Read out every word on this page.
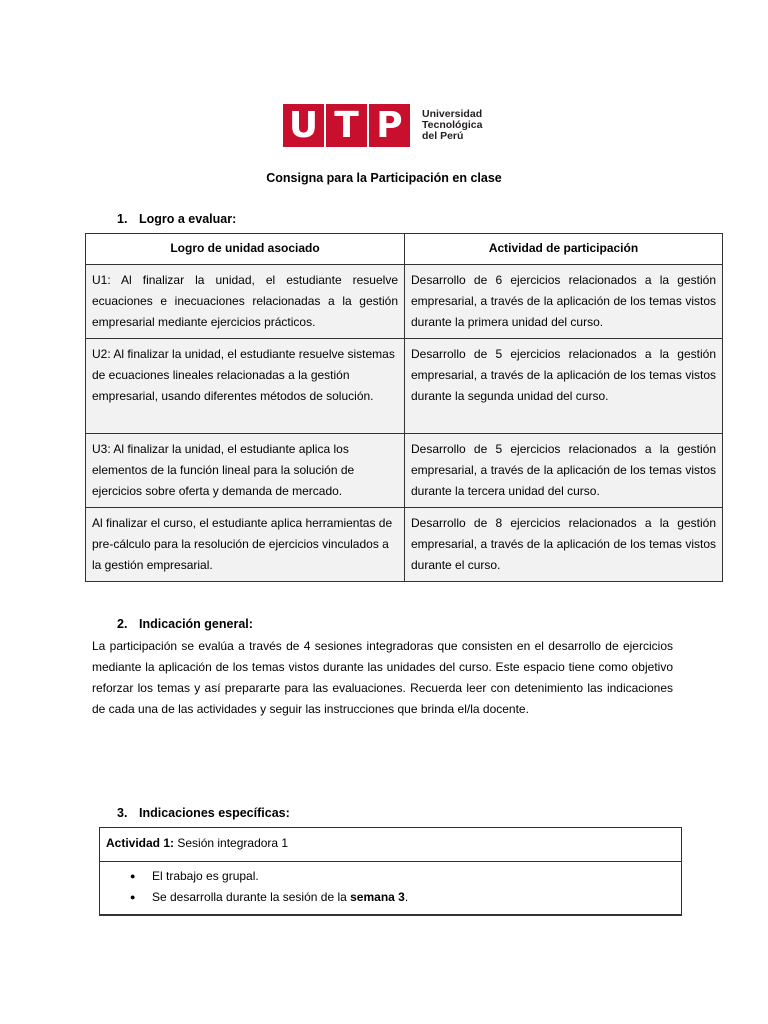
U T P	Universidad
Tecnológica
del Perú
Consigna para la Participación en clase
1. Logro a evaluar:
Logro de unidad asociado	Actividad de participación
U1: Al finalizar la unidad, el estudiante resuelve ecuaciones e inecuaciones relacionadas a la gestión empresarial mediante ejercicios prácticos.	Desarrollo de 6 ejercicios relacionados a la gestión empresarial, a través de la aplicación de los temas vistos durante la primera unidad del curso.
U2: Al finalizar la unidad, el estudiante resuelve sistemas de ecuaciones lineales relacionadas a la gestión empresarial, usando diferentes métodos de solución.	Desarrollo de 5 ejercicios relacionados a la gestión empresarial, a través de la aplicación de los temas vistos durante la segunda unidad del curso.
U3: Al finalizar la unidad, el estudiante aplica los elementos de la función lineal para la solución de ejercicios sobre oferta y demanda de mercado.	Desarrollo de 5 ejercicios relacionados a la gestión empresarial, a través de la aplicación de los temas vistos durante la tercera unidad del curso.
Al finalizar el curso, el estudiante aplica herramientas de pre-cálculo para la resolución de ejercicios vinculados a la gestión empresarial.	Desarrollo de 8 ejercicios relacionados a la gestión empresarial, a través de la aplicación de los temas vistos durante el curso.
2. Indicación general:
La participación se evalúa a través de 4 sesiones integradoras que consisten en el desarrollo de ejercicios mediante la aplicación de los temas vistos durante las unidades del curso. Este espacio tiene como objetivo reforzar los temas y así prepararte para las evaluaciones. Recuerda leer con detenimiento las indicaciones de cada una de las actividades y seguir las instrucciones que brinda el/la docente.
3. Indicaciones específicas:
Actividad 1: Sesión integradora 1
● El trabajo es grupal.
● Se desarrolla durante la sesión de la semana 3.
